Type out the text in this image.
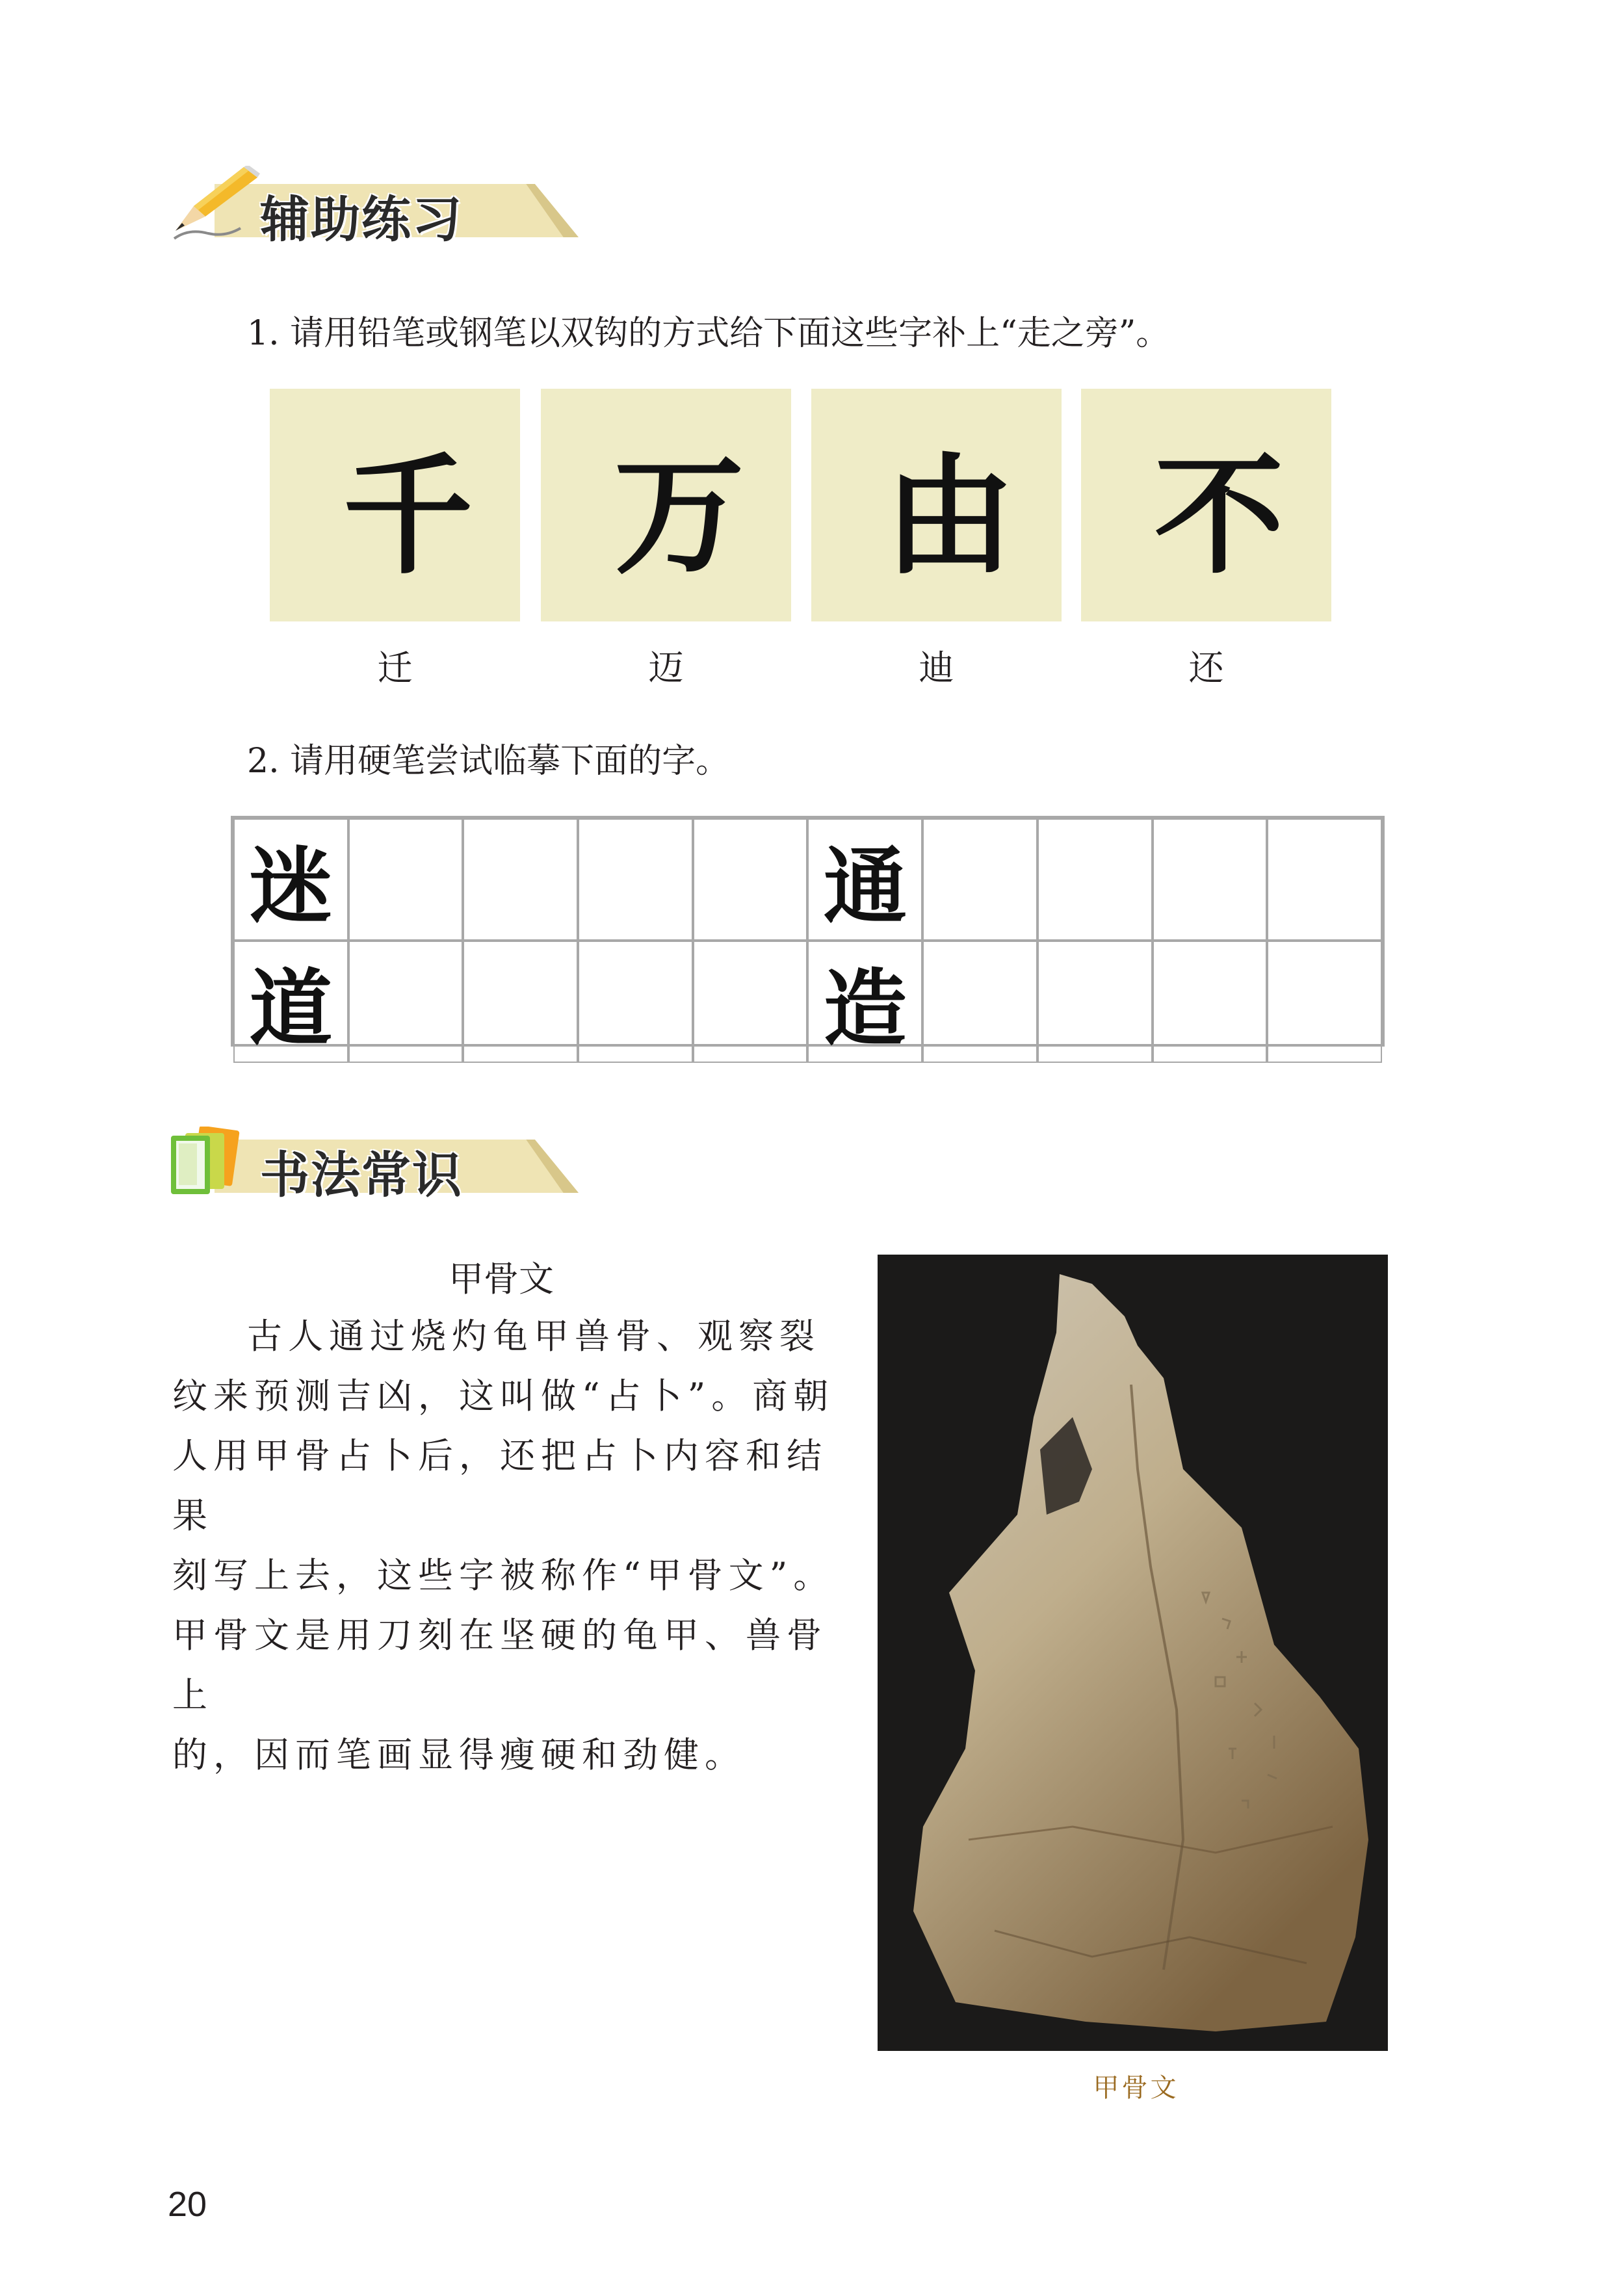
辅助练习
1. 请用铅笔或钢笔以双钩的方式给下面这些字补上“走之旁”。
千 万 由 不
迁	迈	迪	还
2. 请用硬笔尝试临摹下面的字。
迷	通
道	造
书法常识
甲骨文
古人通过烧灼龟甲兽骨、观察裂
纹来预测吉凶，这叫做“占卜”。商朝
人用甲骨占卜后，还把占卜内容和结果
刻写上去，这些字被称作“甲骨文”。
甲骨文是用刀刻在坚硬的龟甲、兽骨上
的，因而笔画显得瘦硬和劲健。
甲骨文
20
